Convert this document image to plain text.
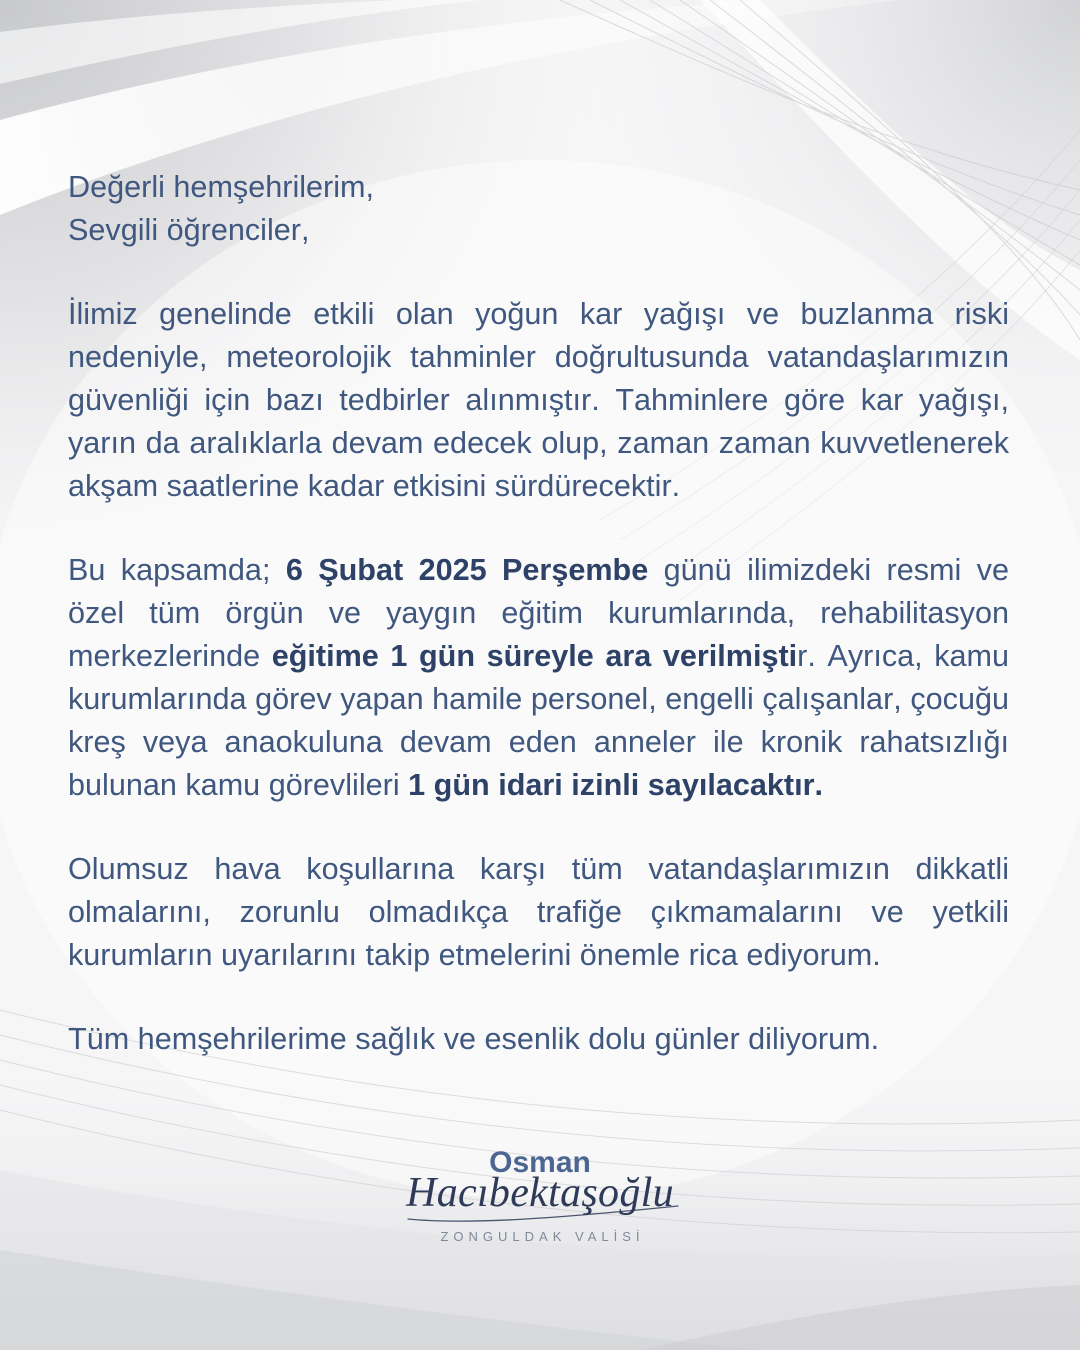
Değerli hemşehrilerim,
Sevgili öğrenciler,

İlimiz genelinde etkili olan yoğun kar yağışı ve buzlanma riski nedeniyle, meteorolojik tahminler doğrultusunda vatandaşlarımızın güvenliği için bazı tedbirler alınmıştır. Tahminlere göre kar yağışı, yarın da aralıklarla devam edecek olup, zaman zaman kuvvetlenerek akşam saatlerine kadar etkisini sürdürecektir.

Bu kapsamda; 6 Şubat 2025 Perşembe günü ilimizdeki resmi ve özel tüm örgün ve yaygın eğitim kurumlarında, rehabilitasyon merkezlerinde eğitime 1 gün süreyle ara verilmiştir. Ayrıca, kamu kurumlarında görev yapan hamile personel, engelli çalışanlar, çocuğu kreş veya anaokuluna devam eden anneler ile kronik rahatsızlığı bulunan kamu görevlileri 1 gün idari izinli sayılacaktır.

Olumsuz hava koşullarına karşı tüm vatandaşlarımızın dikkatli olmalarını, zorunlu olmadıkça trafiğe çıkmamalarını ve yetkili kurumların uyarılarını takip etmelerini önemle rica ediyorum.

Tüm hemşehrilerime sağlık ve esenlik dolu günler diliyorum.

Osman
Hacıbektaşoğlu
ZONGULDAK VALİSİ
